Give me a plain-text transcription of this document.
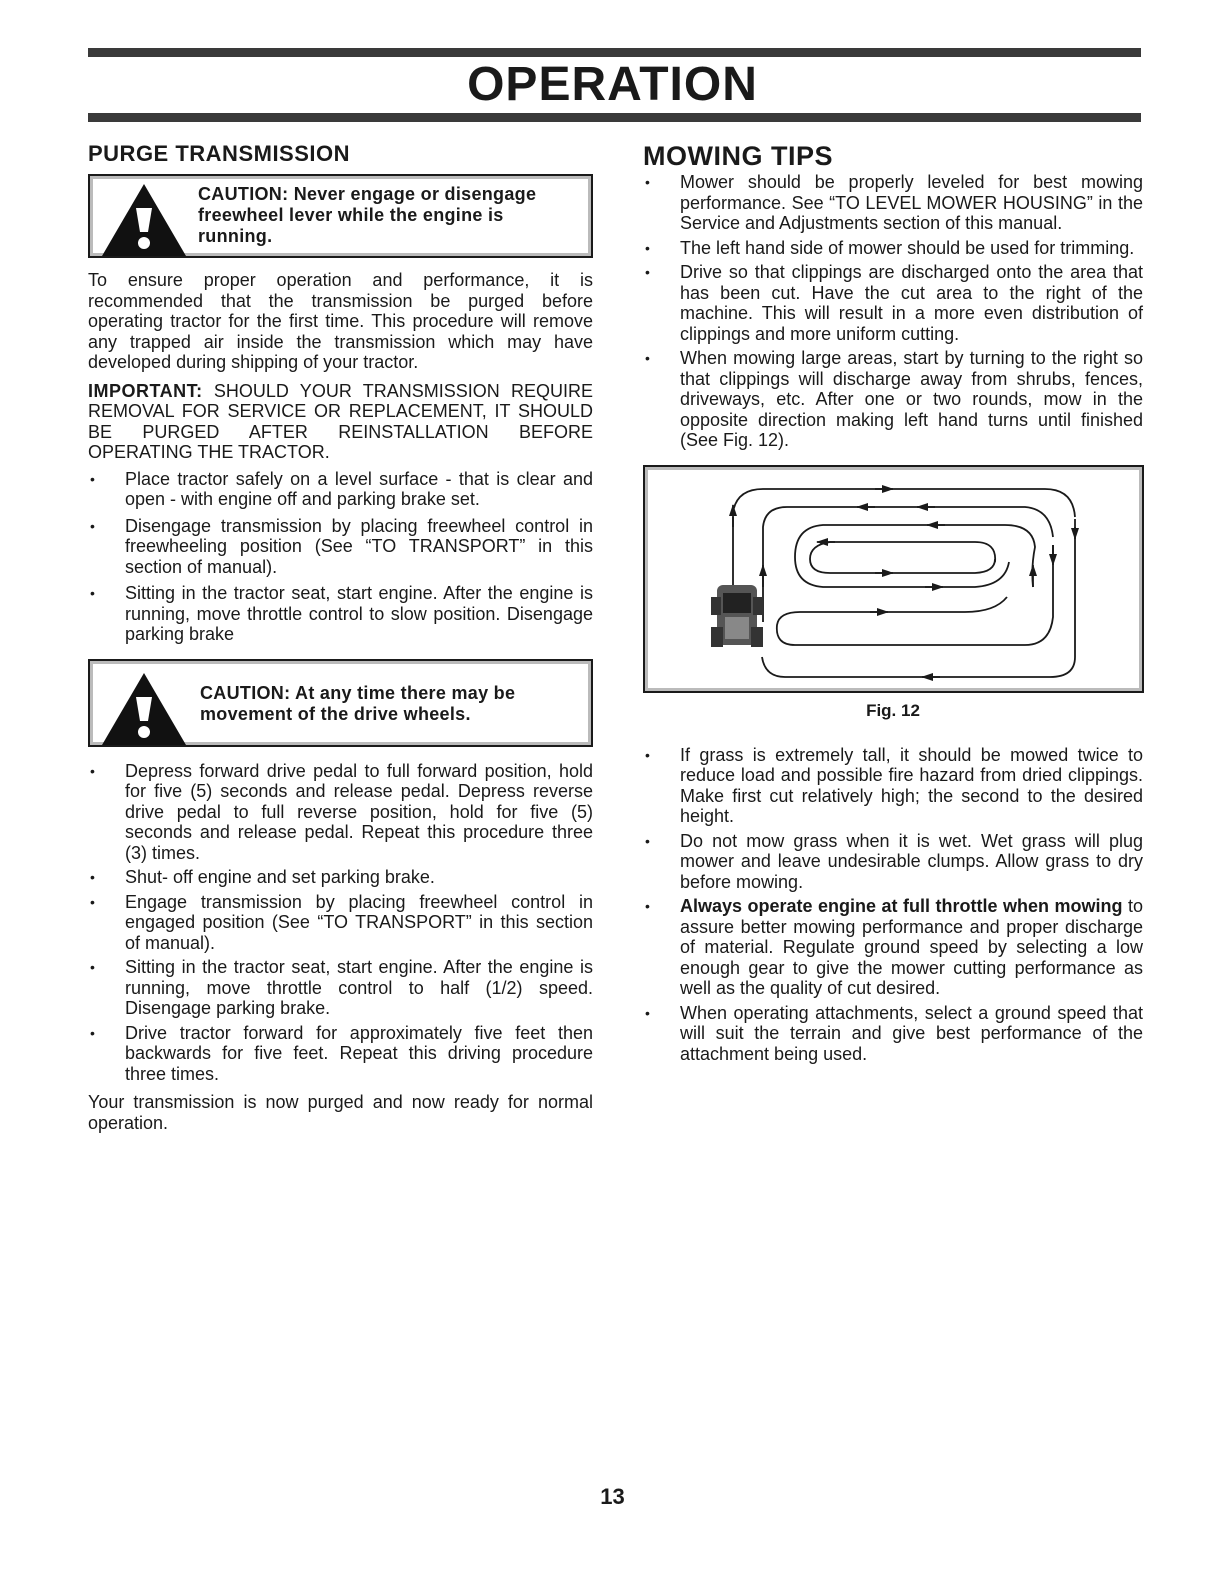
OPERATION
PURGE TRANSMISSION
CAUTION: Never engage or disengage freewheel lever while the engine is running.

To ensure proper operation and performance, it is recommended that the transmission be purged before operating tractor for the first time. This procedure will remove any trapped air inside the transmission which may have developed during shipping of your tractor.

IMPORTANT: SHOULD YOUR TRANSMISSION REQUIRE REMOVAL FOR SERVICE OR REPLACEMENT, IT SHOULD BE PURGED AFTER REINSTALLATION BEFORE OPERATING THE TRACTOR.

• Place tractor safely on a level surface - that is clear and open - with engine off and parking brake set.
• Disengage transmission by placing freewheel control in freewheeling position (See “TO TRANSPORT” in this section of manual).
• Sitting in the tractor seat, start engine. After the engine is running, move throttle control to slow position. Disengage parking brake
CAUTION: At any time there may be movement of the drive wheels.
• Depress forward drive pedal to full forward position, hold for five (5) seconds and release pedal. Depress reverse drive pedal to full reverse position, hold for five (5) seconds and release pedal. Repeat this procedure three (3) times.
• Shut- off engine and set parking brake.
• Engage transmission by placing freewheel control in engaged position (See “TO TRANSPORT” in this section of manual).
• Sitting in the tractor seat, start engine. After the engine is running, move throttle control to half (1/2) speed. Disengage parking brake.
• Drive tractor forward for approximately five feet then backwards for five feet. Repeat this driving procedure three times.

Your transmission is now purged and now ready for normal operation.

MOWING TIPS
• Mower should be properly leveled for best mowing performance. See “TO LEVEL MOWER HOUSING” in the Service and Adjustments section of this manual.
• The left hand side of mower should be used for trimming.
• Drive so that clippings are discharged onto the area that has been cut. Have the cut area to the right of the machine. This will result in a more even distribution of clippings and more uniform cutting.
• When mowing large areas, start by turning to the right so that clippings will discharge away from shrubs, fences, driveways, etc. After one or two rounds, mow in the opposite direction making left hand turns until finished (See Fig. 12).
Fig. 12
• If grass is extremely tall, it should be mowed twice to reduce load and possible fire hazard from dried clippings. Make first cut relatively high; the second to the desired height.
• Do not mow grass when it is wet. Wet grass will plug mower and leave undesirable clumps. Allow grass to dry before mowing.
• Always operate engine at full throttle when mowing to assure better mowing performance and proper discharge of material. Regulate ground speed by selecting a low enough gear to give the mower cutting performance as well as the quality of cut desired.
• When operating attachments, select a ground speed that will suit the terrain and give best performance of the attachment being used.
13
